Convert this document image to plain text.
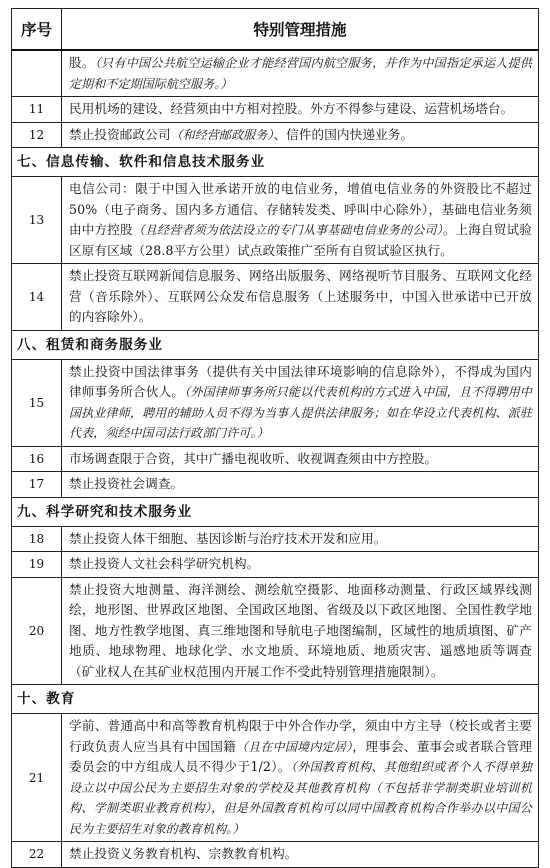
序号	特别管理措施
	股。（只有中国公共航空运输企业才能经营国内航空服务，并作为中国指定承运人提供定期和不定期国际航空服务。）
11	民用机场的建设、经营须由中方相对控股。外方不得参与建设、运营机场塔台。
12	禁止投资邮政公司（和经营邮政服务）、信件的国内快递业务。
七、信息传输、软件和信息技术服务业	
13	电信公司：限于中国入世承诺开放的电信业务，增值电信业务的外资股比不超过50%（电子商务、国内多方通信、存储转发类、呼叫中心除外），基础电信业务须由中方控股（且经营者须为依法设立的专门从事基础电信业务的公司）。上海自贸试验区原有区域（28.8平方公里）试点政策推广至所有自贸试验区执行。
14	禁止投资互联网新闻信息服务、网络出版服务、网络视听节目服务、互联网文化经营（音乐除外）、互联网公众发布信息服务（上述服务中，中国入世承诺中已开放的内容除外）。
八、租赁和商务服务业	
15	禁止投资中国法律事务（提供有关中国法律环境影响的信息除外），不得成为国内律师事务所合伙人。（外国律师事务所只能以代表机构的方式进入中国，且不得聘用中国执业律师，聘用的辅助人员不得为当事人提供法律服务；如在华设立代表机构、派驻代表，须经中国司法行政部门许可。）
16	市场调查限于合资，其中广播电视收听、收视调查须由中方控股。
17	禁止投资社会调查。
九、科学研究和技术服务业	
18	禁止投资人体干细胞、基因诊断与治疗技术开发和应用。
19	禁止投资人文社会科学研究机构。
20	禁止投资大地测量、海洋测绘、测绘航空摄影、地面移动测量、行政区域界线测绘，地形图、世界政区地图、全国政区地图、省级及以下政区地图、全国性教学地图、地方性教学地图、真三维地图和导航电子地图编制，区域性的地质填图、矿产地质、地球物理、地球化学、水文地质、环境地质、地质灾害、遥感地质等调查（矿业权人在其矿业权范围内开展工作不受此特别管理措施限制）。
十、教育	
21	学前、普通高中和高等教育机构限于中外合作办学，须由中方主导（校长或者主要行政负责人应当具有中国国籍（且在中国境内定居），理事会、董事会或者联合管理委员会的中方组成人员不得少于1/2）。（外国教育机构、其他组织或者个人不得单独设立以中国公民为主要招生对象的学校及其他教育机构（不包括非学制类职业培训机构、学制类职业教育机构），但是外国教育机构可以同中国教育机构合作举办以中国公民为主要招生对象的教育机构。）
22	禁止投资义务教育机构、宗教教育机构。
